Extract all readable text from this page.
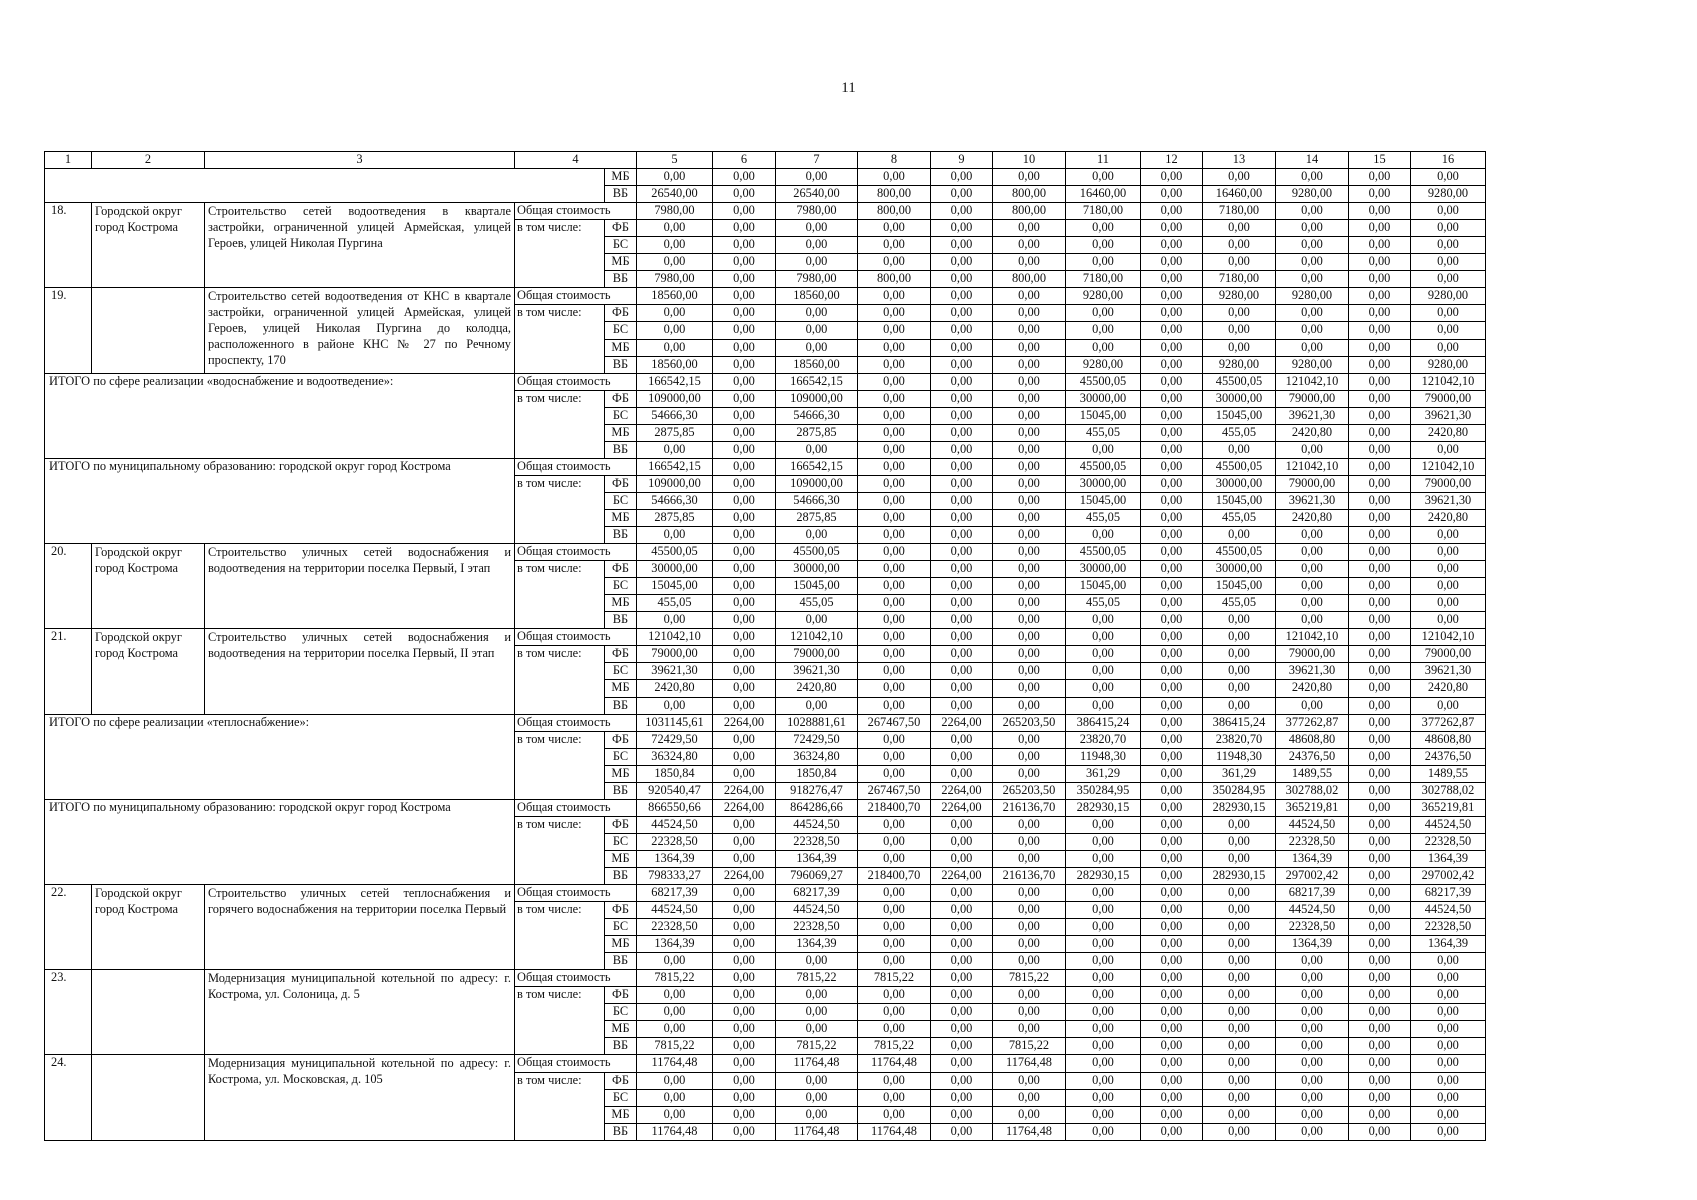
11
1	2	3	4		5	6	7	8	9	10	11	12	13	14	15	16
				МБ	0,00	0,00	0,00	0,00	0,00	0,00	0,00	0,00	0,00	0,00	0,00	0,00
				ВБ	26540,00	0,00	26540,00	800,00	0,00	800,00	16460,00	0,00	16460,00	9280,00	0,00	9280,00
18.	Городской округ город Кострома	Строительство сетей водоотведения в квартале застройки, ограниченной улицей Армейская, улицей Героев, улицей Николая Пургина	Общая стоимость		7980,00	0,00	7980,00	800,00	0,00	800,00	7180,00	0,00	7180,00	0,00	0,00	0,00
			в том числе:	ФБ	0,00	0,00	0,00	0,00	0,00	0,00	0,00	0,00	0,00	0,00	0,00	0,00
				БС	0,00	0,00	0,00	0,00	0,00	0,00	0,00	0,00	0,00	0,00	0,00	0,00
				МБ	0,00	0,00	0,00	0,00	0,00	0,00	0,00	0,00	0,00	0,00	0,00	0,00
				ВБ	7980,00	0,00	7980,00	800,00	0,00	800,00	7180,00	0,00	7180,00	0,00	0,00	0,00
19.		Строительство сетей водоотведения от КНС в квартале застройки, ограниченной улицей Армейская, улицей Героев, улицей Николая Пургина до колодца, расположенного в районе КНС № 27 по Речному проспекту, 170	Общая стоимость		18560,00	0,00	18560,00	0,00	0,00	0,00	9280,00	0,00	9280,00	9280,00	0,00	9280,00
			в том числе:	ФБ	0,00	0,00	0,00	0,00	0,00	0,00	0,00	0,00	0,00	0,00	0,00	0,00
				БС	0,00	0,00	0,00	0,00	0,00	0,00	0,00	0,00	0,00	0,00	0,00	0,00
				МБ	0,00	0,00	0,00	0,00	0,00	0,00	0,00	0,00	0,00	0,00	0,00	0,00
				ВБ	18560,00	0,00	18560,00	0,00	0,00	0,00	9280,00	0,00	9280,00	9280,00	0,00	9280,00
ИТОГО по сфере реализации «водоснабжение и водоотведение»:			Общая стоимость		166542,15	0,00	166542,15	0,00	0,00	0,00	45500,05	0,00	45500,05	121042,10	0,00	121042,10
			в том числе:	ФБ	109000,00	0,00	109000,00	0,00	0,00	0,00	30000,00	0,00	30000,00	79000,00	0,00	79000,00
				БС	54666,30	0,00	54666,30	0,00	0,00	0,00	15045,00	0,00	15045,00	39621,30	0,00	39621,30
				МБ	2875,85	0,00	2875,85	0,00	0,00	0,00	455,05	0,00	455,05	2420,80	0,00	2420,80
				ВБ	0,00	0,00	0,00	0,00	0,00	0,00	0,00	0,00	0,00	0,00	0,00	0,00
ИТОГО по муниципальному образованию: городской округ город Кострома			Общая стоимость		166542,15	0,00	166542,15	0,00	0,00	0,00	45500,05	0,00	45500,05	121042,10	0,00	121042,10
			в том числе:	ФБ	109000,00	0,00	109000,00	0,00	0,00	0,00	30000,00	0,00	30000,00	79000,00	0,00	79000,00
				БС	54666,30	0,00	54666,30	0,00	0,00	0,00	15045,00	0,00	15045,00	39621,30	0,00	39621,30
				МБ	2875,85	0,00	2875,85	0,00	0,00	0,00	455,05	0,00	455,05	2420,80	0,00	2420,80
				ВБ	0,00	0,00	0,00	0,00	0,00	0,00	0,00	0,00	0,00	0,00	0,00	0,00
20.	Городской округ город Кострома	Строительство уличных сетей водоснабжения и водоотведения на территории поселка Первый, I этап	Общая стоимость		45500,05	0,00	45500,05	0,00	0,00	0,00	45500,05	0,00	45500,05	0,00	0,00	0,00
			в том числе:	ФБ	30000,00	0,00	30000,00	0,00	0,00	0,00	30000,00	0,00	30000,00	0,00	0,00	0,00
				БС	15045,00	0,00	15045,00	0,00	0,00	0,00	15045,00	0,00	15045,00	0,00	0,00	0,00
				МБ	455,05	0,00	455,05	0,00	0,00	0,00	455,05	0,00	455,05	0,00	0,00	0,00
				ВБ	0,00	0,00	0,00	0,00	0,00	0,00	0,00	0,00	0,00	0,00	0,00	0,00
21.	Городской округ город Кострома	Строительство уличных сетей водоснабжения и водоотведения на территории поселка Первый, II этап	Общая стоимость		121042,10	0,00	121042,10	0,00	0,00	0,00	0,00	0,00	0,00	121042,10	0,00	121042,10
			в том числе:	ФБ	79000,00	0,00	79000,00	0,00	0,00	0,00	0,00	0,00	0,00	79000,00	0,00	79000,00
				БС	39621,30	0,00	39621,30	0,00	0,00	0,00	0,00	0,00	0,00	39621,30	0,00	39621,30
				МБ	2420,80	0,00	2420,80	0,00	0,00	0,00	0,00	0,00	0,00	2420,80	0,00	2420,80
				ВБ	0,00	0,00	0,00	0,00	0,00	0,00	0,00	0,00	0,00	0,00	0,00	0,00
ИТОГО по сфере реализации «теплоснабжение»:			Общая стоимость		1031145,61	2264,00	1028881,61	267467,50	2264,00	265203,50	386415,24	0,00	386415,24	377262,87	0,00	377262,87
			в том числе:	ФБ	72429,50	0,00	72429,50	0,00	0,00	0,00	23820,70	0,00	23820,70	48608,80	0,00	48608,80
				БС	36324,80	0,00	36324,80	0,00	0,00	0,00	11948,30	0,00	11948,30	24376,50	0,00	24376,50
				МБ	1850,84	0,00	1850,84	0,00	0,00	0,00	361,29	0,00	361,29	1489,55	0,00	1489,55
				ВБ	920540,47	2264,00	918276,47	267467,50	2264,00	265203,50	350284,95	0,00	350284,95	302788,02	0,00	302788,02
ИТОГО по муниципальному образованию: городской округ город Кострома			Общая стоимость		866550,66	2264,00	864286,66	218400,70	2264,00	216136,70	282930,15	0,00	282930,15	365219,81	0,00	365219,81
			в том числе:	ФБ	44524,50	0,00	44524,50	0,00	0,00	0,00	0,00	0,00	0,00	44524,50	0,00	44524,50
				БС	22328,50	0,00	22328,50	0,00	0,00	0,00	0,00	0,00	0,00	22328,50	0,00	22328,50
				МБ	1364,39	0,00	1364,39	0,00	0,00	0,00	0,00	0,00	0,00	1364,39	0,00	1364,39
				ВБ	798333,27	2264,00	796069,27	218400,70	2264,00	216136,70	282930,15	0,00	282930,15	297002,42	0,00	297002,42
22.	Городской округ город Кострома	Строительство уличных сетей теплоснабжения и горячего водоснабжения на территории поселка Первый	Общая стоимость		68217,39	0,00	68217,39	0,00	0,00	0,00	0,00	0,00	0,00	68217,39	0,00	68217,39
			в том числе:	ФБ	44524,50	0,00	44524,50	0,00	0,00	0,00	0,00	0,00	0,00	44524,50	0,00	44524,50
				БС	22328,50	0,00	22328,50	0,00	0,00	0,00	0,00	0,00	0,00	22328,50	0,00	22328,50
				МБ	1364,39	0,00	1364,39	0,00	0,00	0,00	0,00	0,00	0,00	1364,39	0,00	1364,39
				ВБ	0,00	0,00	0,00	0,00	0,00	0,00	0,00	0,00	0,00	0,00	0,00	0,00
23.		Модернизация муниципальной котельной по адресу: г. Кострома, ул. Солоница, д. 5	Общая стоимость		7815,22	0,00	7815,22	7815,22	0,00	7815,22	0,00	0,00	0,00	0,00	0,00	0,00
			в том числе:	ФБ	0,00	0,00	0,00	0,00	0,00	0,00	0,00	0,00	0,00	0,00	0,00	0,00
				БС	0,00	0,00	0,00	0,00	0,00	0,00	0,00	0,00	0,00	0,00	0,00	0,00
				МБ	0,00	0,00	0,00	0,00	0,00	0,00	0,00	0,00	0,00	0,00	0,00	0,00
				ВБ	7815,22	0,00	7815,22	7815,22	0,00	7815,22	0,00	0,00	0,00	0,00	0,00	0,00
24.		Модернизация муниципальной котельной по адресу: г. Кострома, ул. Московская, д. 105	Общая стоимость		11764,48	0,00	11764,48	11764,48	0,00	11764,48	0,00	0,00	0,00	0,00	0,00	0,00
			в том числе:	ФБ	0,00	0,00	0,00	0,00	0,00	0,00	0,00	0,00	0,00	0,00	0,00	0,00
				БС	0,00	0,00	0,00	0,00	0,00	0,00	0,00	0,00	0,00	0,00	0,00	0,00
				МБ	0,00	0,00	0,00	0,00	0,00	0,00	0,00	0,00	0,00	0,00	0,00	0,00
				ВБ	11764,48	0,00	11764,48	11764,48	0,00	11764,48	0,00	0,00	0,00	0,00	0,00	0,00
